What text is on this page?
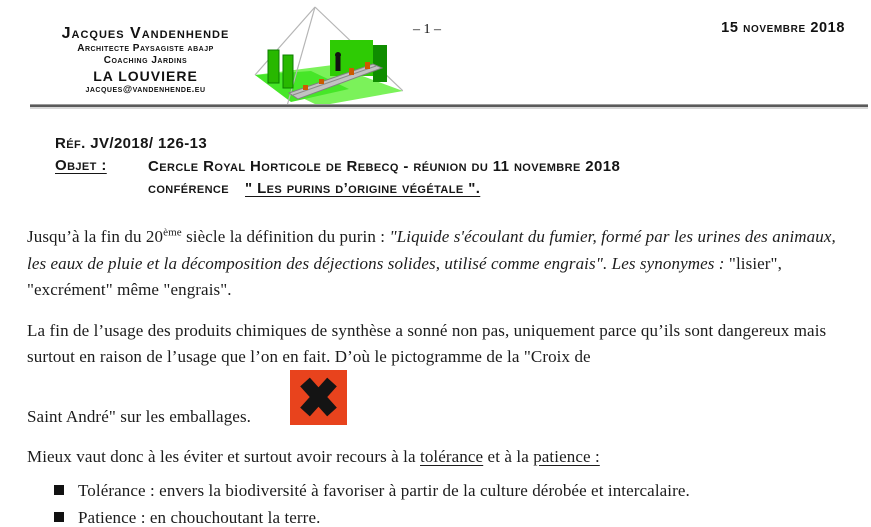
Jacques Vandenhende
Architecte Paysagiste abajp
Coaching Jardins
LA LOUVIERE
jacques@vandenhende.eu
– 1 –	15 novembre 2018
Réf. JV/2018/ 126-13
Objet :	Cercle Royal Horticole de Rebecq - réunion du 11 novembre 2018
conférence " Les purins d’origine végétale ".
Jusqu’à la fin du 20ème siècle la définition du purin : "Liquide s'écoulant du fumier, formé par les urines des animaux, les eaux de pluie et la décomposition des déjections solides, utilisé comme engrais". Les synonymes : "lisier", "excrément" même "engrais".
La fin de l’usage des produits chimiques de synthèse a sonné non pas, uniquement parce qu’ils sont dangereux mais surtout en raison de l’usage que l’on en fait. D’où le pictogramme de la "Croix de
Saint André" sur les emballages.
Mieux vaut donc à les éviter et surtout avoir recours à la tolérance et à la patience :
Tolérance : envers la biodiversité à favoriser à partir de la culture dérobée et intercalaire.
Patience : en chouchoutant la terre.
